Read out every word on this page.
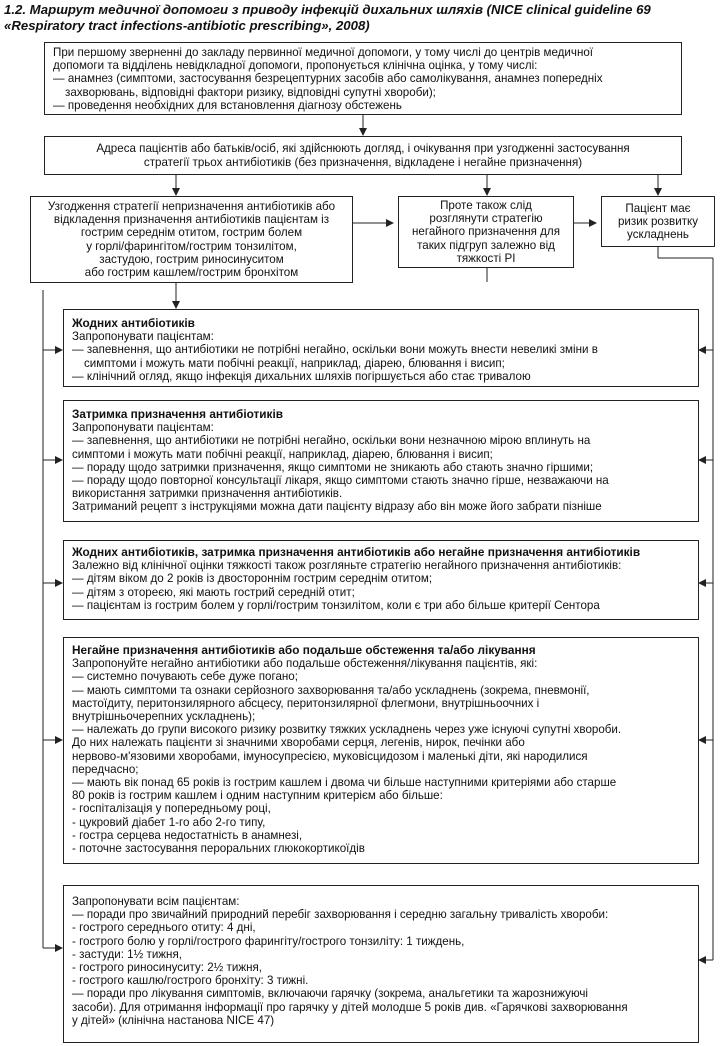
1.2. Маршрут медичної допомоги з приводу інфекцій дихальних шляхів (NICE clinical guideline 69 «Respiratory tract infections-antibiotic prescribing», 2008)
При першому зверненні до закладу первинної медичної допомоги, у тому числі до центрів медичної
допомоги та відділень невідкладної допомоги, пропонується клінічна оцінка, у тому числі:
— анамнез (симптоми, застосування безрецептурних засобів або самолікування, анамнез попередніх
захворювань, відповідні фактори ризику, відповідні супутні хвороби);
— проведення необхідних для встановлення діагнозу обстежень
Адреса пацієнтів або батьків/осіб, які здійснюють догляд, і очікування при узгодженні застосування
стратегії трьох антибіотиків (без призначення, відкладене і негайне призначення)
Узгодження стратегії непризначення антибіотиків або
відкладення призначення антибіотиків пацієнтам із
гострим середнім отитом, гострим болем
у горлі/фарингітом/гострим тонзилітом,
застудою, гострим риносинуситом
або гострим кашлем/гострим бронхітом
Проте також слід
розглянути стратегію
негайного призначення для
таких підгруп залежно від
тяжкості РІ
Пацієнт має
ризик розвитку
ускладнень
Жодних антибіотиків
Запропонувати пацієнтам:
— запевнення, що антибіотики не потрібні негайно, оскільки вони можуть внести невеликі зміни в
симптоми і можуть мати побічні реакції, наприклад, діарею, блювання і висип;
— клінічний огляд, якщо інфекція дихальних шляхів погіршується або стає тривалою
Затримка призначення антибіотиків
Запропонувати пацієнтам:
— запевнення, що антибіотики не потрібні негайно, оскільки вони незначною мірою вплинуть на
симптоми і можуть мати побічні реакції, наприклад, діарею, блювання і висип;
— пораду щодо затримки призначення, якщо симптоми не зникають або стають значно гіршими;
— пораду щодо повторної консультації лікаря, якщо симптоми стають значно гірше, незважаючи на
використання затримки призначення антибіотиків.
Затриманий рецепт з інструкціями можна дати пацієнту відразу або він може його забрати пізніше
Жодних антибіотиків, затримка призначення антибіотиків або негайне призначення антибіотиків
Залежно від клінічної оцінки тяжкості також розгляньте стратегію негайного призначення антибіотиків:
— дітям віком до 2 років із двостороннім гострим середнім отитом;
— дітям з отореєю, які мають гострий середній отит;
— пацієнтам із гострим болем у горлі/гострим тонзилітом, коли є три або більше критерії Сентора
Негайне призначення антибіотиків або подальше обстеження та/або лікування
Запропонуйте негайно антибіотики або подальше обстеження/лікування пацієнтів, які:
— системно почувають себе дуже погано;
— мають симптоми та ознаки серйозного захворювання та/або ускладнень (зокрема, пневмонії,
мастоїдиту, перитонзилярного абсцесу, перитонзилярної флегмони, внутрішньоочних і
внутрішньочерепних ускладнень);
— належать до групи високого ризику розвитку тяжких ускладнень через уже існуючі супутні хвороби.
До них належать пацієнти зі значними хворобами серця, легенів, нирок, печінки або
нервово-м'язовими хворобами, імуносупресією, муковісцидозом і маленькі діти, які народилися
передчасно;
— мають вік понад 65 років із гострим кашлем і двома чи більше наступними критеріями або старше
80 років із гострим кашлем і одним наступним критерієм або більше:
- госпіталізація у попередньому році,
- цукровий діабет 1-го або 2-го типу,
- гостра серцева недостатність в анамнезі,
- поточне застосування пероральних глюкокортикоїдів
Запропонувати всім пацієнтам:
— поради про звичайний природний перебіг захворювання і середню загальну тривалість хвороби:
- гострого середнього отиту: 4 дні,
- гострого болю у горлі/гострого фарингіту/гострого тонзиліту: 1 тиждень,
- застуди: 1½ тижня,
- гострого риносинуситу: 2½ тижня,
- гострого кашлю/гострого бронхіту: 3 тижні.
— поради про лікування симптомів, включаючи гарячку (зокрема, анальгетики та жарознижуючі
засоби). Для отримання інформації про гарячку у дітей молодше 5 років див. «Гарячкові захворювання
у дітей» (клінічна настанова NICE 47)
